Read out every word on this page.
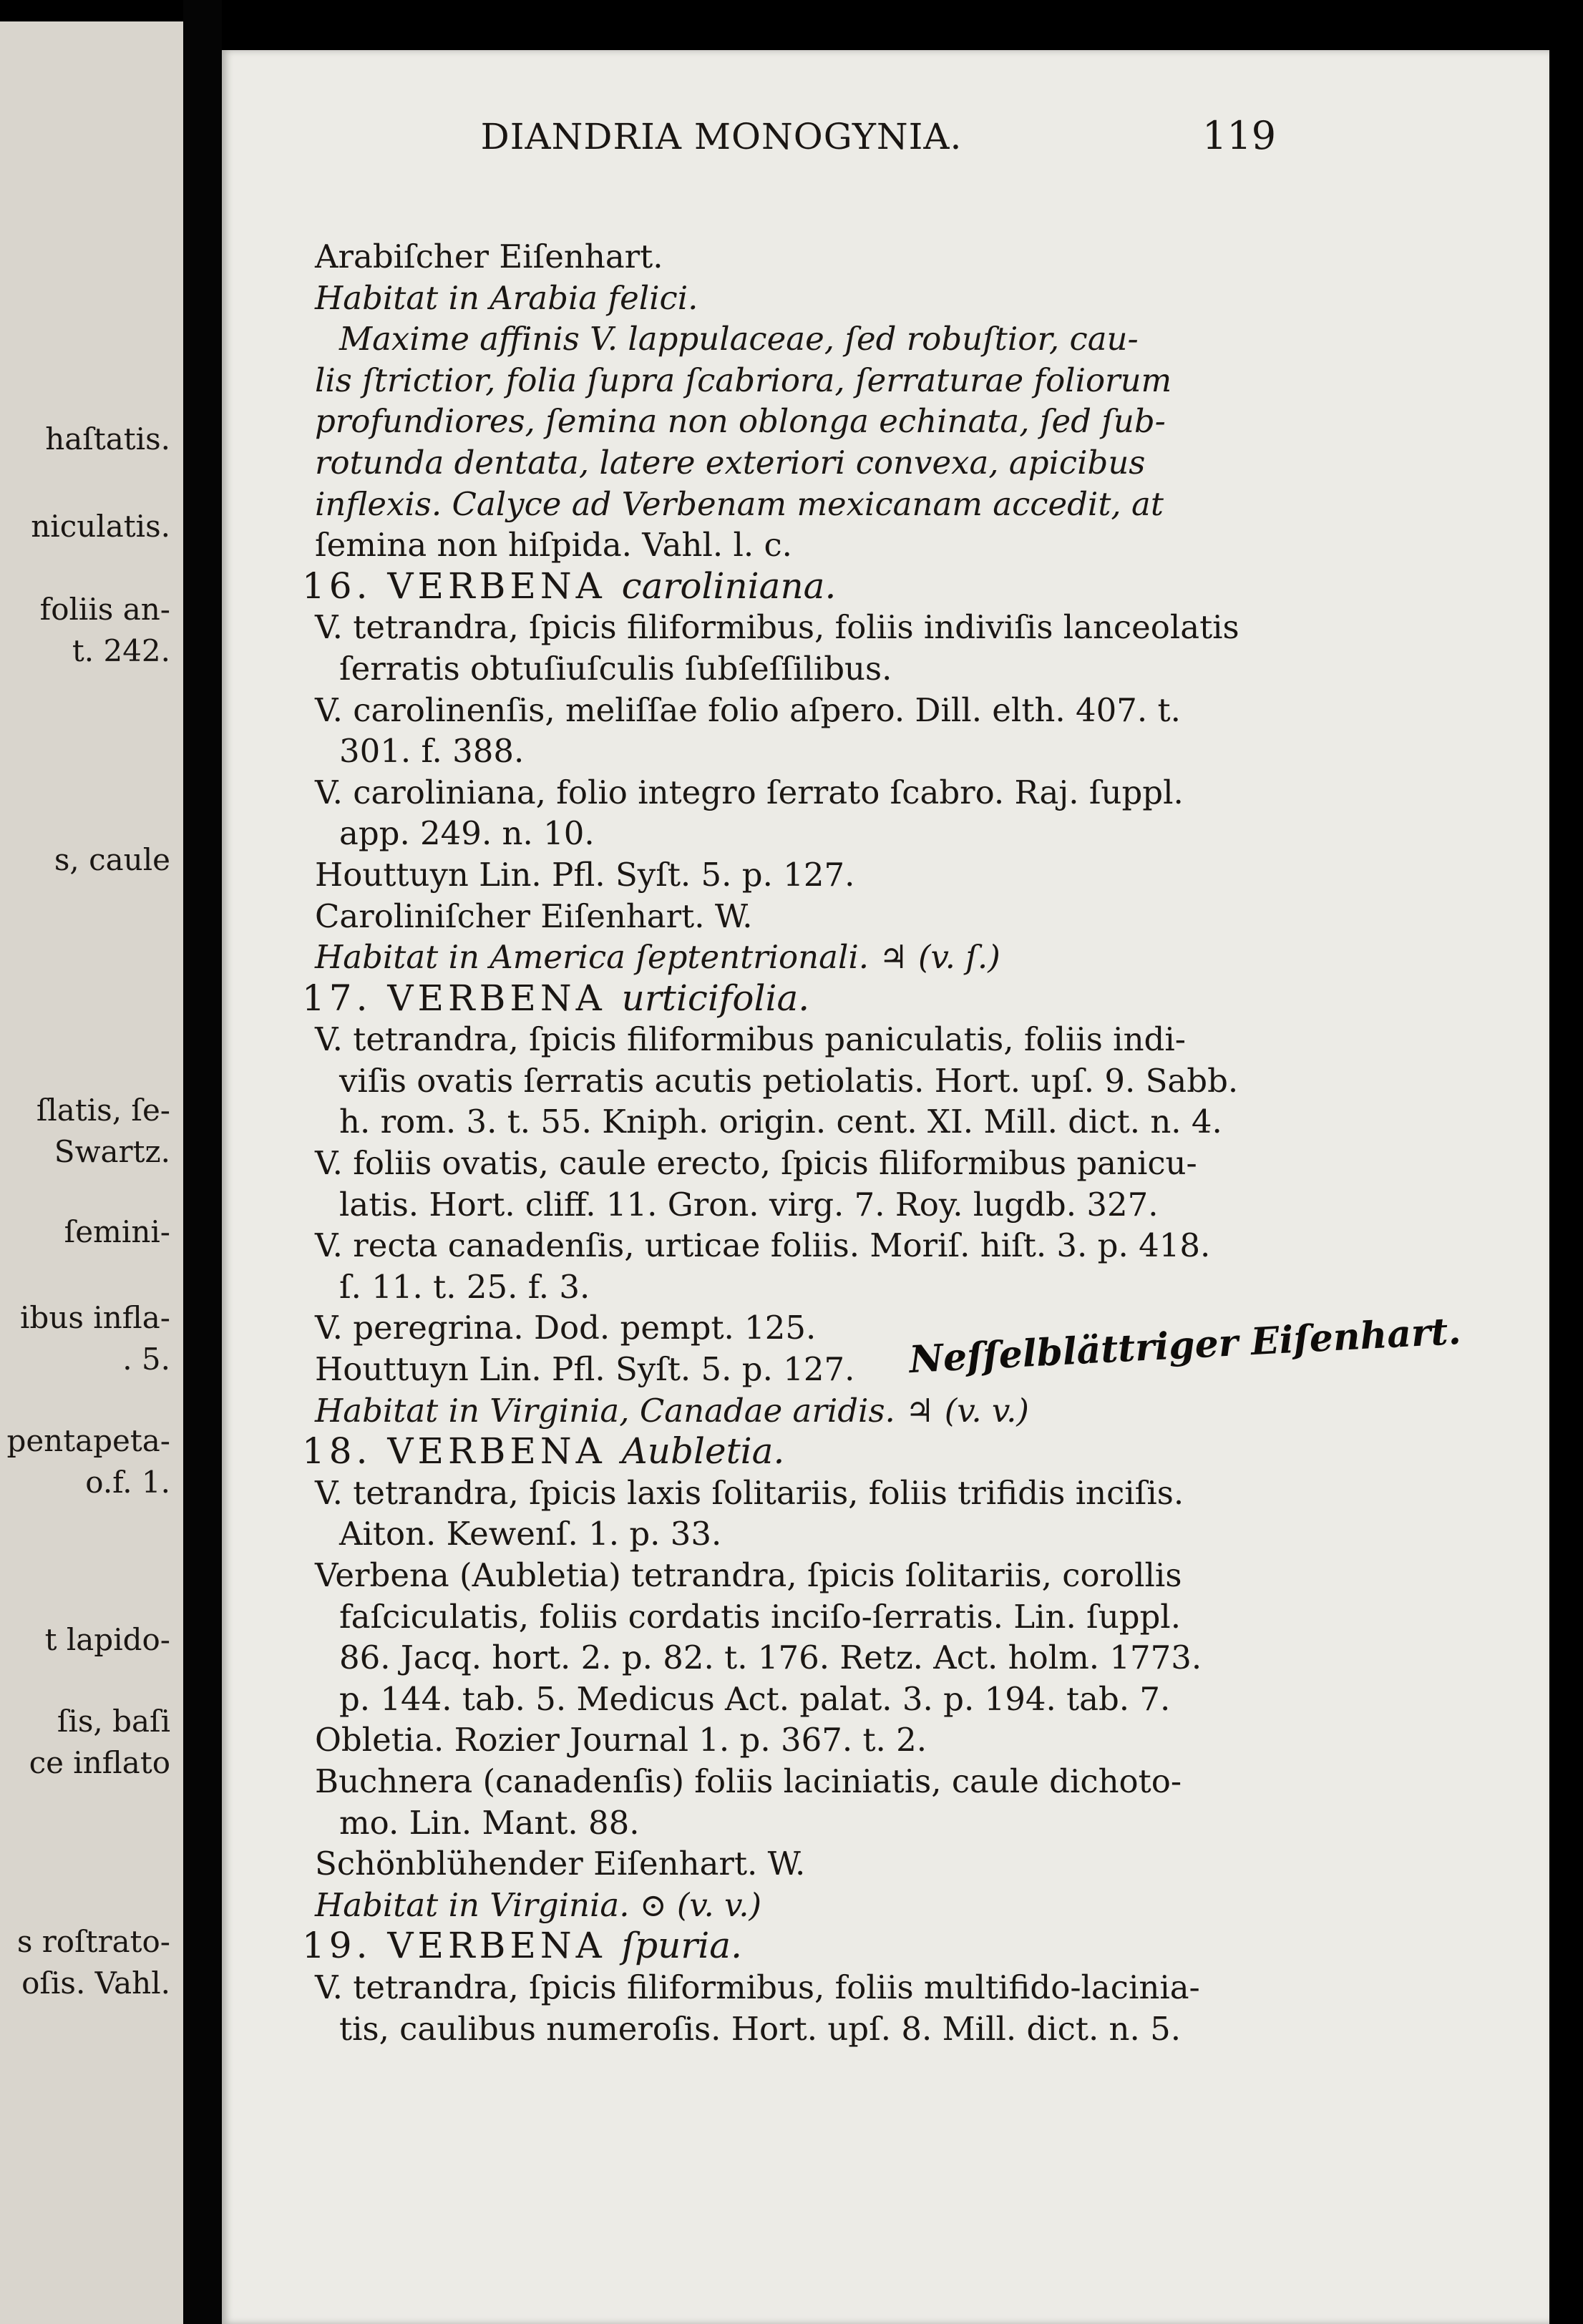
haſtatis.
niculatis.
foliis an-
t. 242.
s, caule
ſlatis, ſe-
Swartz.
ſemini-
ibus infla-
. 5.
pentapeta-
o.f. 1.
t lapido-
ſis, baſi
ce inflato
s roſtrato-
oſis. Vahl.
DIANDRIA MONOGYNIA.	119
Arabiſcher Eiſenhart.
Habitat in Arabia felici.
Maxime affinis V. lappulaceae, ſed robuſtior, cau-
lis ſtrictior, folia ſupra ſcabriora, ſerraturae foliorum
profundiores, ſemina non oblonga echinata, ſed ſub-
rotunda dentata, latere exteriori convexa, apicibus
inflexis. Calyce ad Verbenam mexicanam accedit, at
ſemina non hiſpida. Vahl. l. c.
16. VERBENA caroliniana.
V. tetrandra, ſpicis filiformibus, foliis indiviſis lanceolatis
ſerratis obtuſiuſculis ſubſeſſilibus.
V. carolinenſis, meliſſae folio aſpero. Dill. elth. 407. t.
301. f. 388.
V. caroliniana, folio integro ſerrato ſcabro. Raj. ſuppl.
app. 249. n. 10.
Houttuyn Lin. Pfl. Syſt. 5. p. 127.
Caroliniſcher Eiſenhart. W.
Habitat in America ſeptentrionali. ♃ (v. ſ.)
17. VERBENA urticifolia.
V. tetrandra, ſpicis filiformibus paniculatis, foliis indi-
viſis ovatis ſerratis acutis petiolatis. Hort. upſ. 9. Sabb.
h. rom. 3. t. 55. Kniph. origin. cent. XI. Mill. dict. n. 4.
V. foliis ovatis, caule erecto, ſpicis filiformibus panicu-
latis. Hort. cliff. 11. Gron. virg. 7. Roy. lugdb. 327.
V. recta canadenſis, urticae foliis. Moriſ. hiſt. 3. p. 418.
ſ. 11. t. 25. f. 3.
V. peregrina. Dod. pempt. 125.
Houttuyn Lin. Pfl. Syſt. 5. p. 127.
Habitat in Virginia, Canadae aridis. ♃ (v. v.)
18. VERBENA Aubletia.
V. tetrandra, ſpicis laxis ſolitariis, foliis trifidis inciſis.
Aiton. Kewenſ. 1. p. 33.
Verbena (Aubletia) tetrandra, ſpicis ſolitariis, corollis
faſciculatis, foliis cordatis inciſo-ſerratis. Lin. ſuppl.
86. Jacq. hort. 2. p. 82. t. 176. Retz. Act. holm. 1773.
p. 144. tab. 5. Medicus Act. palat. 3. p. 194. tab. 7.
Obletia. Rozier Journal 1. p. 367. t. 2.
Buchnera (canadenſis) foliis laciniatis, caule dichoto-
mo. Lin. Mant. 88.
Schönblühender Eiſenhart. W.
Habitat in Virginia. ⊙ (v. v.)
19. VERBENA ſpuria.
V. tetrandra, ſpicis filiformibus, foliis multifido-lacinia-
tis, caulibus numeroſis. Hort. upſ. 8. Mill. dict. n. 5.
Neſſelblättriger Eiſenhart.
